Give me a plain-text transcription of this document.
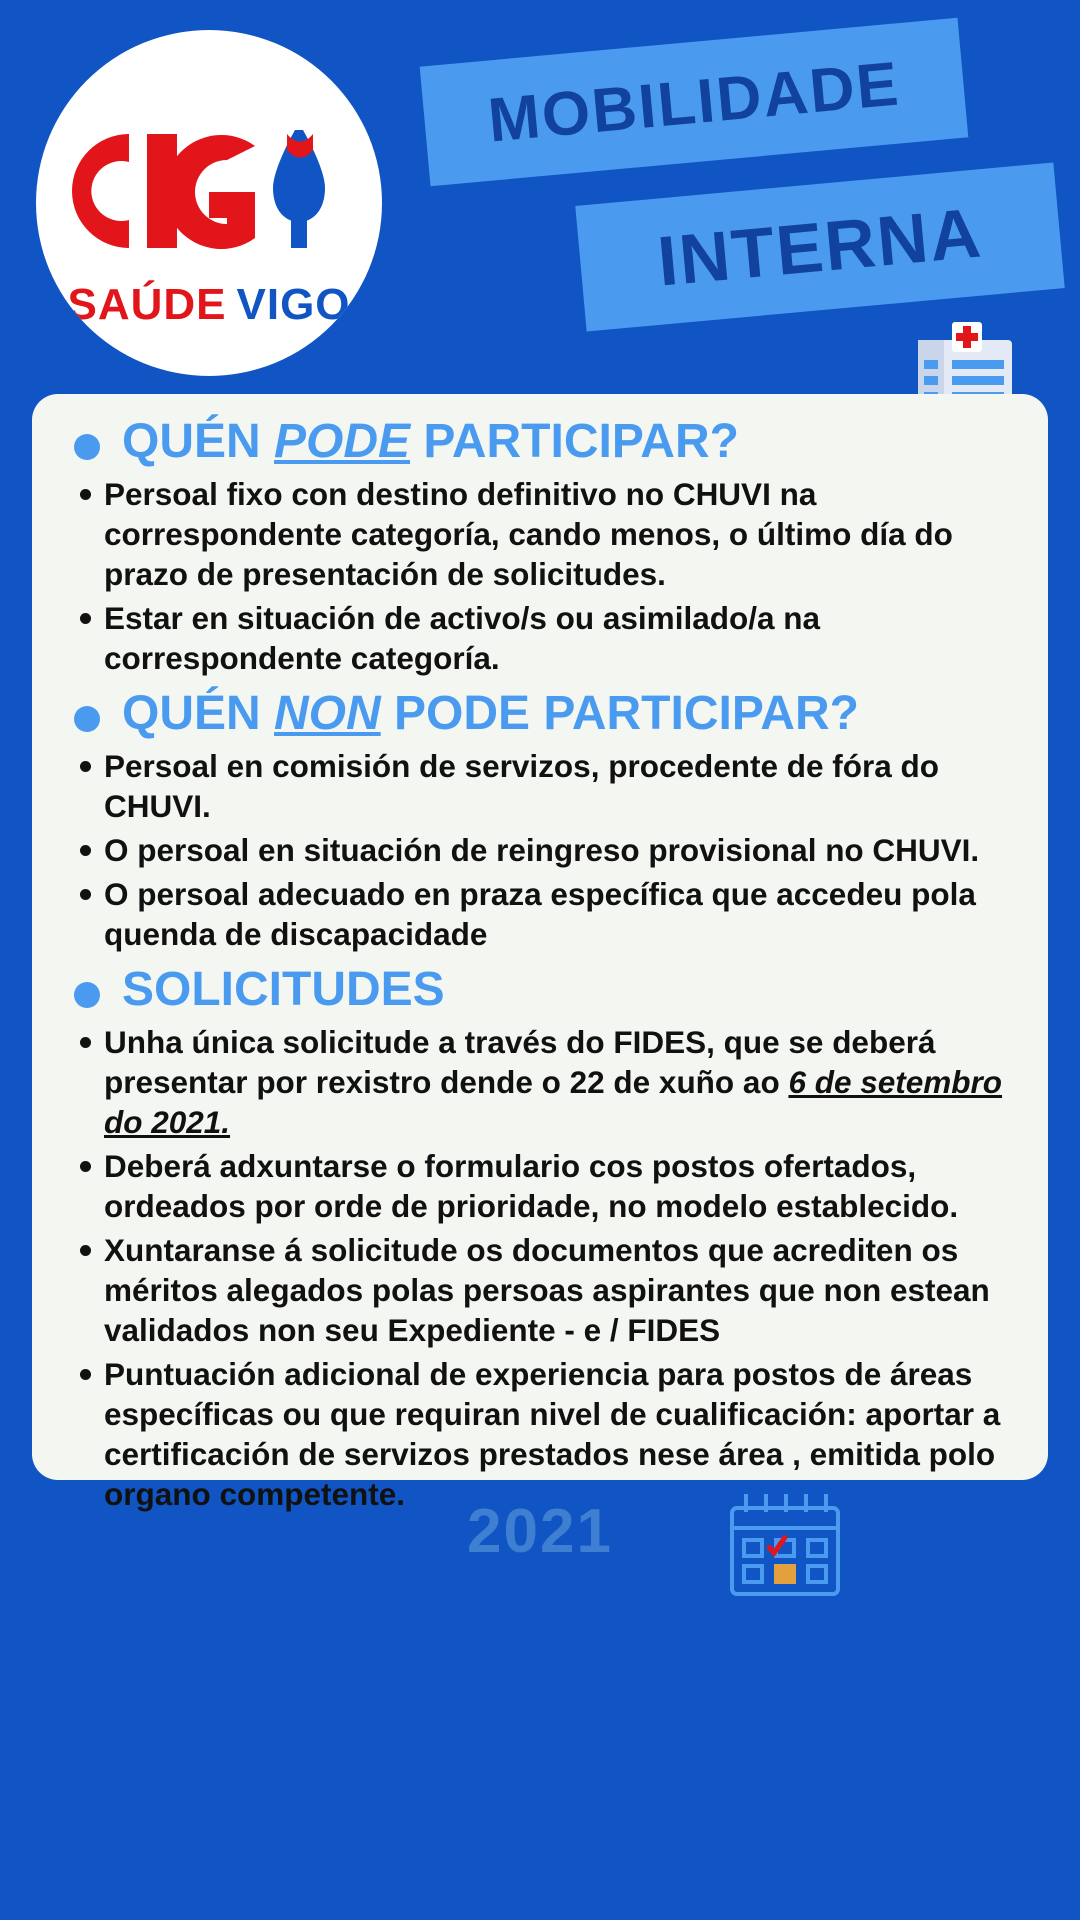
SAÚDE VIGO
MOBILIDADE
INTERNA
QUÉN PODE PARTICIPAR?
Persoal fixo con destino definitivo no CHUVI na correspondente categoría, cando menos, o último día do prazo de presentación de solicitudes.
Estar en situación de activo/s ou asimilado/a na correspondente categoría.
QUÉN NON PODE PARTICIPAR?
Persoal en comisión de servizos, procedente de fóra do CHUVI.
O persoal en situación de reingreso provisional no CHUVI.
O persoal adecuado en praza específica que accedeu pola quenda de discapacidade
SOLICITUDES
Unha única solicitude a través do FIDES, que se deberá presentar por rexistro dende o 22 de xuño ao 6 de setembro do 2021.
Deberá adxuntarse o formulario cos postos ofertados, ordeados por orde de prioridade, no modelo establecido.
Xuntaranse á solicitude os documentos que acrediten os méritos alegados polas persoas aspirantes que non estean validados non seu Expediente - e / FIDES
Puntuación adicional de experiencia para postos de áreas específicas ou que requiran nivel de cualificación: aportar a certificación de servizos prestados nese área , emitida polo organo competente.
2021
